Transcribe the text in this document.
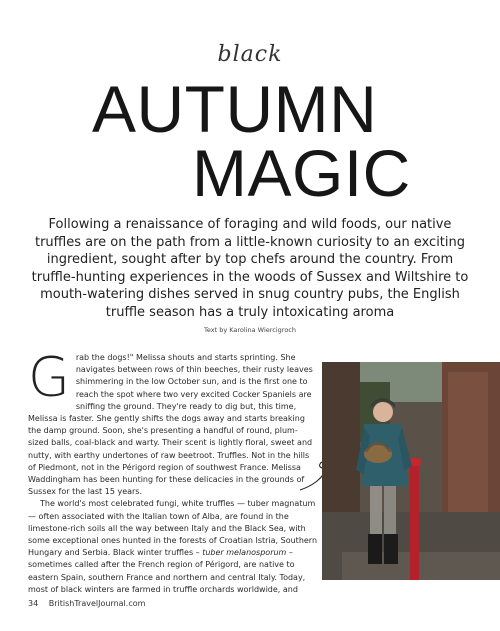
black
AUTUMN
MAGIC
Following a renaissance of foraging and wild foods, our native truffles are on the path from a little-known curiosity to an exciting ingredient, sought after by top chefs around the country. From truffle-hunting experiences in the woods of Sussex and Wiltshire to mouth-watering dishes served in snug country pubs, the English truffle season has a truly intoxicating aroma
Text by Karolina Wiercigroch

Grab the dogs!" Melissa shouts and starts sprinting. She navigates between rows of thin beeches, their rusty leaves shimmering in the low October sun, and is the first one to reach the spot where two very excited Cocker Spaniels are sniffing the ground. They're ready to dig but, this time, Melissa is faster. She gently shifts the dogs away and starts breaking the damp ground. Soon, she's presenting a handful of round, plum-sized balls, coal-black and warty. Their scent is lightly floral, sweet and nutty, with earthy undertones of raw beetroot. Truffles. Not in the hills of Piedmont, not in the Périgord region of southwest France. Melissa Waddingham has been hunting for these delicacies in the grounds of Sussex for the last 15 years.

The world's most celebrated fungi, white truffles — tuber magnatum — often associated with the Italian town of Alba, are found in the limestone-rich soils all the way between Italy and the Black Sea, with some exceptional ones hunted in the forests of Croatian Istria, Southern Hungary and Serbia. Black winter truffles – tuber melanosporum – sometimes called after the French region of Périgord, are native to eastern Spain, southern France and northern and central Italy. Today, most of black winters are farmed in truffle orchards worldwide, and

34 BritishTravelJournal.com
